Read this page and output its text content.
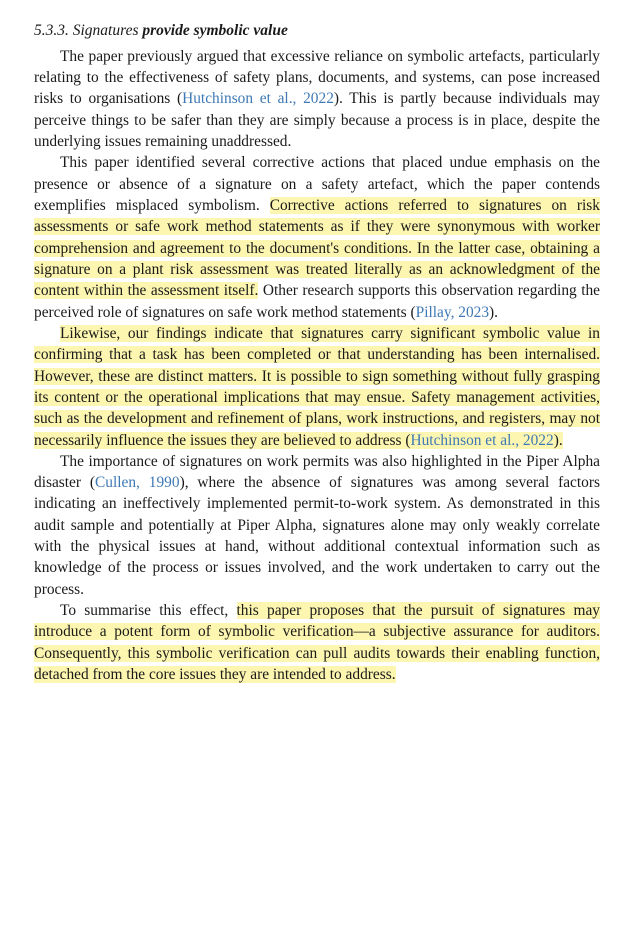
5.3.3. Signatures provide symbolic value

The paper previously argued that excessive reliance on symbolic artefacts, particularly relating to the effectiveness of safety plans, documents, and systems, can pose increased risks to organisations (Hutchinson et al., 2022). This is partly because individuals may perceive things to be safer than they are simply because a process is in place, despite the underlying issues remaining unaddressed.

This paper identified several corrective actions that placed undue emphasis on the presence or absence of a signature on a safety artefact, which the paper contends exemplifies misplaced symbolism. Corrective actions referred to signatures on risk assessments or safe work method statements as if they were synonymous with worker comprehension and agreement to the document's conditions. In the latter case, obtaining a signature on a plant risk assessment was treated literally as an acknowledgment of the content within the assessment itself. Other research supports this observation regarding the perceived role of signatures on safe work method statements (Pillay, 2023).

Likewise, our findings indicate that signatures carry significant symbolic value in confirming that a task has been completed or that understanding has been internalised. However, these are distinct matters. It is possible to sign something without fully grasping its content or the operational implications that may ensue. Safety management activities, such as the development and refinement of plans, work instructions, and registers, may not necessarily influence the issues they are believed to address (Hutchinson et al., 2022).

The importance of signatures on work permits was also highlighted in the Piper Alpha disaster (Cullen, 1990), where the absence of signatures was among several factors indicating an ineffectively implemented permit-to-work system. As demonstrated in this audit sample and potentially at Piper Alpha, signatures alone may only weakly correlate with the physical issues at hand, without additional contextual information such as knowledge of the process or issues involved, and the work undertaken to carry out the process.

To summarise this effect, this paper proposes that the pursuit of signatures may introduce a potent form of symbolic verification—a subjective assurance for auditors. Consequently, this symbolic verification can pull audits towards their enabling function, detached from the core issues they are intended to address.
